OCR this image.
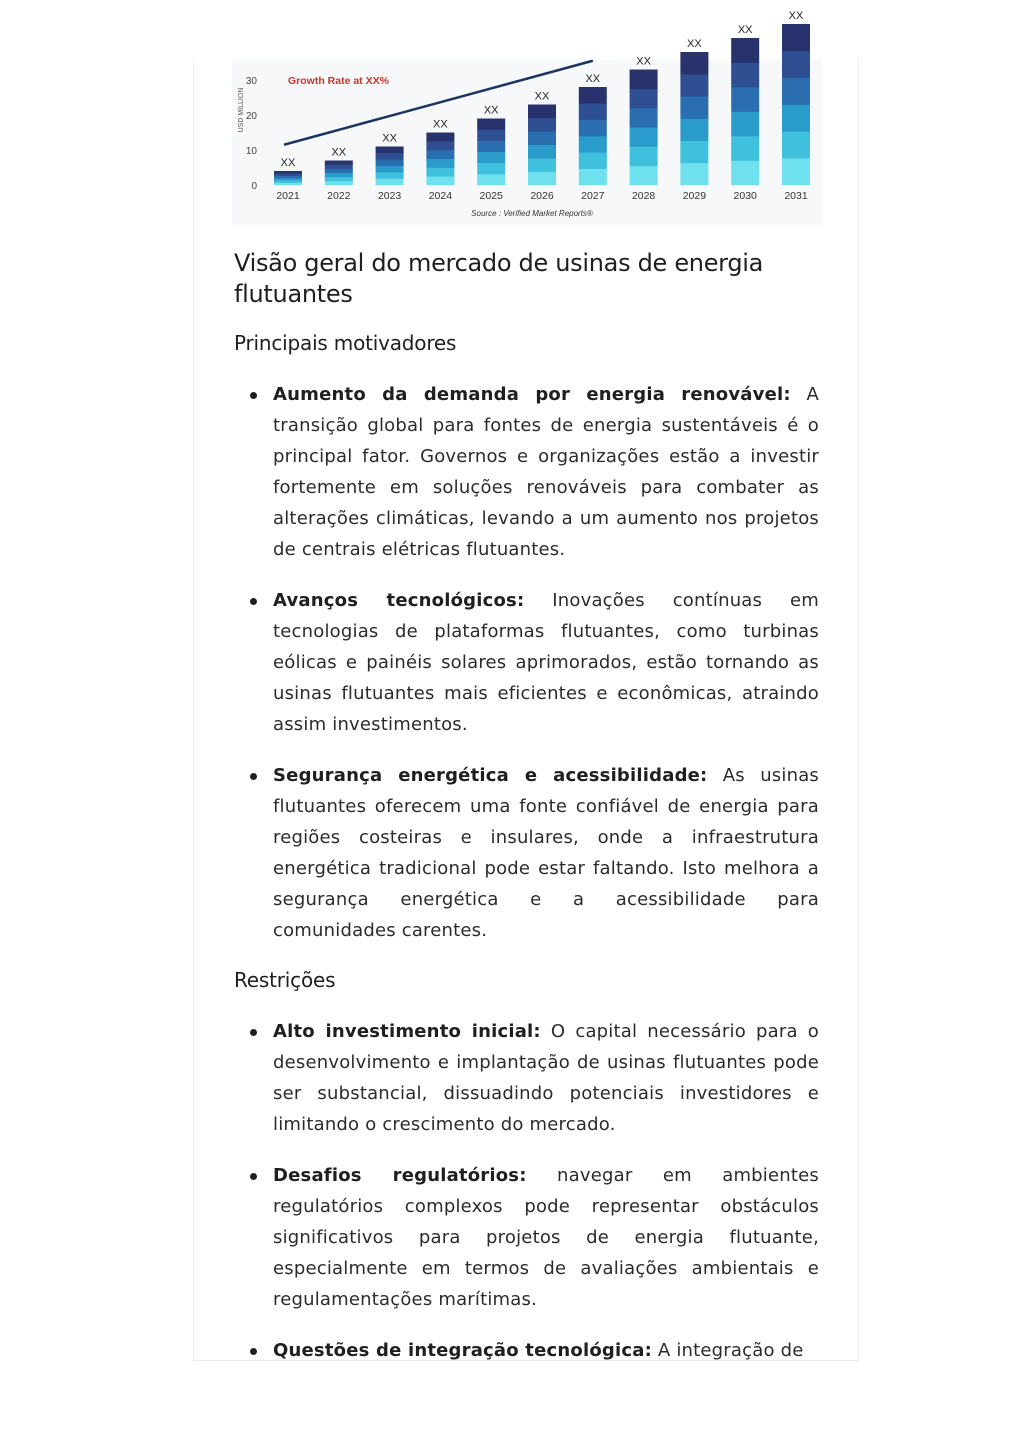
0
10
20
30
USD MILLION
XX
2021
XX
2022
XX
2023
XX
2024
XX
2025
XX
2026
XX
2027
XX
2028
XX
2029
XX
2030
XX
2031
Growth Rate at XX%
Source : Verified Market Reports®
Visão geral do mercado de usinas de energia flutuantes
Principais motivadores
Aumento da demanda por energia renovável: A transição global para fontes de energia sustentáveis é o principal fator. Governos e organizações estão a investir fortemente em soluções renováveis para combater as alterações climáticas, levando a um aumento nos projetos de centrais elétricas flutuantes.
Avanços tecnológicos: Inovações contínuas em tecnologias de plataformas flutuantes, como turbinas eólicas e painéis solares aprimorados, estão tornando as usinas flutuantes mais eficientes e econômicas, atraindo assim investimentos.
Segurança energética e acessibilidade: As usinas flutuantes oferecem uma fonte confiável de energia para regiões costeiras e insulares, onde a infraestrutura energética tradicional pode estar faltando. Isto melhora a segurança energética e a acessibilidade para comunidades carentes.
Restrições
Alto investimento inicial: O capital necessário para o desenvolvimento e implantação de usinas flutuantes pode ser substancial, dissuadindo potenciais investidores e limitando o crescimento do mercado.
Desafios regulatórios: navegar em ambientes regulatórios complexos pode representar obstáculos significativos para projetos de energia flutuante, especialmente em termos de avaliações ambientais e regulamentações marítimas.
Questões de integração tecnológica: A integração de
